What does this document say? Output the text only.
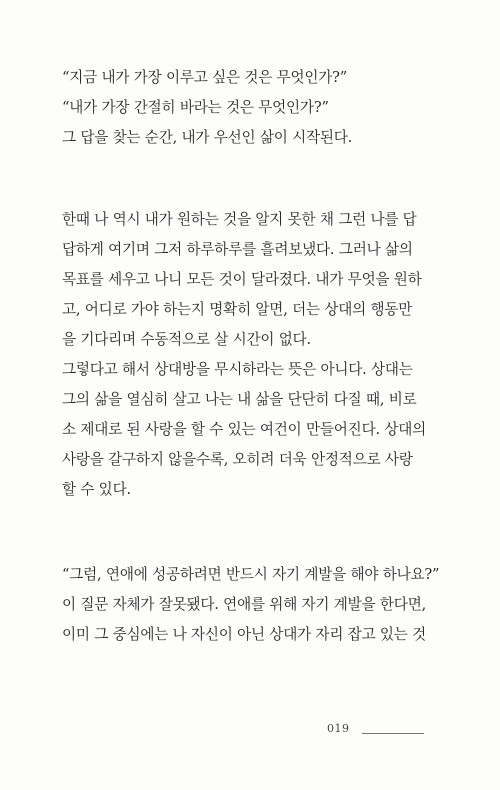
“지금 내가 가장 이루고 싶은 것은 무엇인가?”
“내가 가장 간절히 바라는 것은 무엇인가?”
그 답을 찾는 순간, 내가 우선인 삶이 시작된다.
한때 나 역시 내가 원하는 것을 알지 못한 채 그런 나를 답
답하게 여기며 그저 하루하루를 흘려보냈다. 그러나 삶의
목표를 세우고 나니 모든 것이 달라졌다. 내가 무엇을 원하
고, 어디로 가야 하는지 명확히 알면, 더는 상대의 행동만
을 기다리며 수동적으로 살 시간이 없다.
그렇다고 해서 상대방을 무시하라는 뜻은 아니다. 상대는
그의 삶을 열심히 살고 나는 내 삶을 단단히 다질 때, 비로
소 제대로 된 사랑을 할 수 있는 여건이 만들어진다. 상대의
사랑을 갈구하지 않을수록, 오히려 더욱 안정적으로 사랑
할 수 있다.
“그럼, 연애에 성공하려면 반드시 자기 계발을 해야 하나요?”
이 질문 자체가 잘못됐다. 연애를 위해 자기 계발을 한다면,
이미 그 중심에는 나 자신이 아닌 상대가 자리 잡고 있는 것
019
